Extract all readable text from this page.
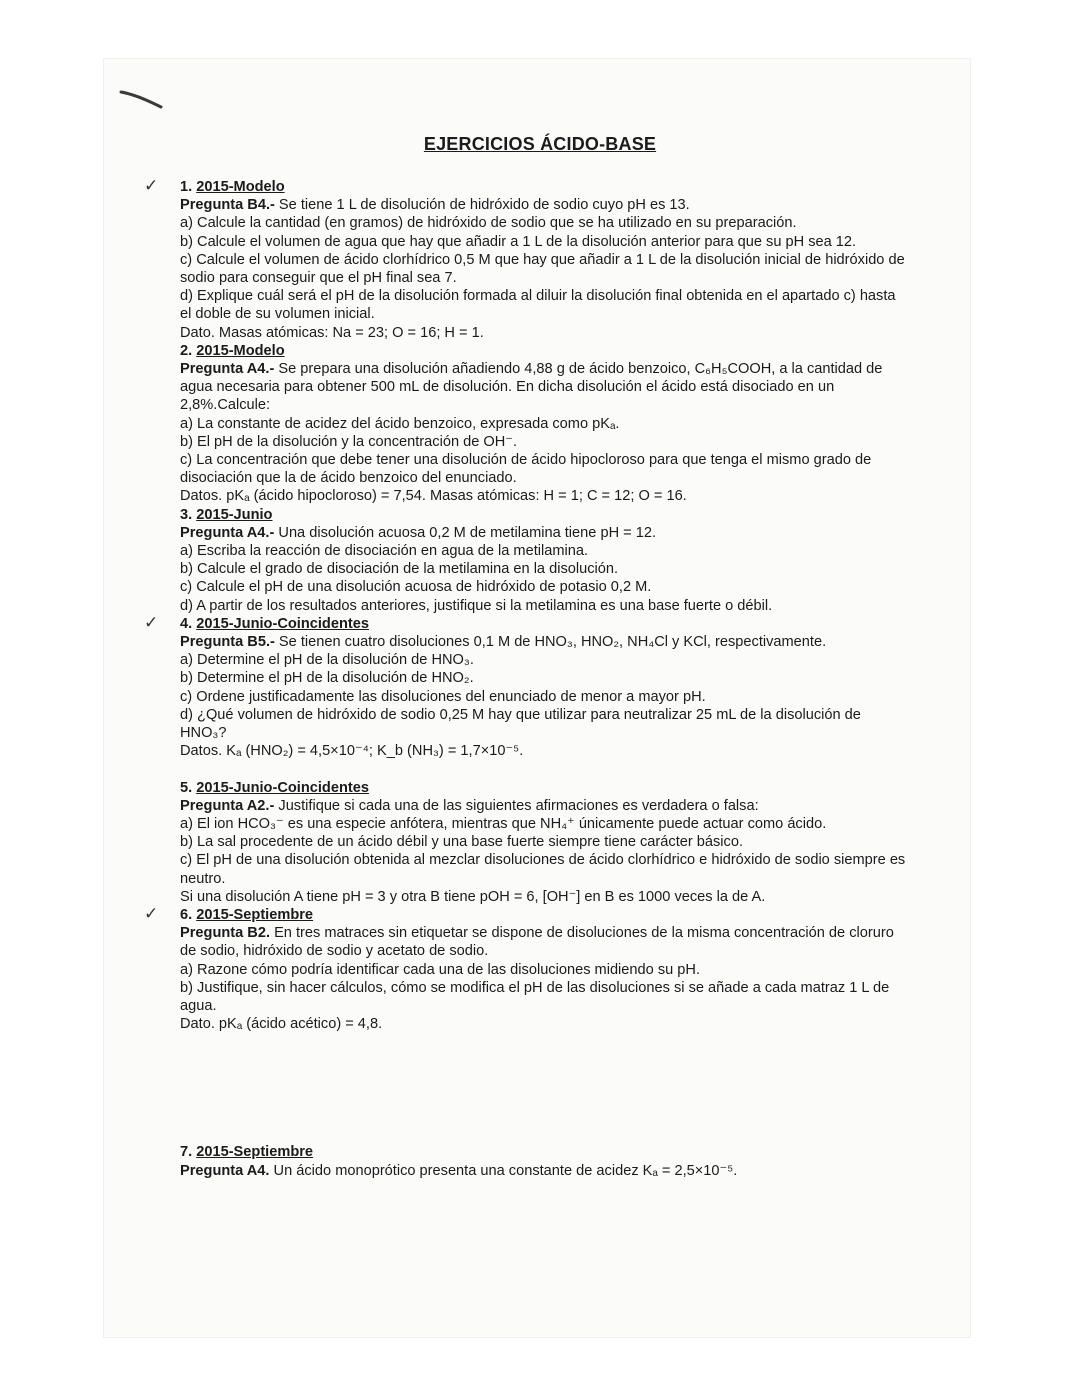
EJERCICIOS ÁCIDO-BASE
✓ 1. 2015-Modelo

Pregunta B4.- Se tiene 1 L de disolución de hidróxido de sodio cuyo pH es 13.

a) Calcule la cantidad (en gramos) de hidróxido de sodio que se ha utilizado en su preparación.

b) Calcule el volumen de agua que hay que añadir a 1 L de la disolución anterior para que su pH sea 12.

c) Calcule el volumen de ácido clorhídrico 0,5 M que hay que añadir a 1 L de la disolución inicial de hidróxido de sodio para conseguir que el pH final sea 7.

d) Explique cuál será el pH de la disolución formada al diluir la disolución final obtenida en el apartado c) hasta el doble de su volumen inicial.

Dato. Masas atómicas: Na = 23; O = 16; H = 1.

2. 2015-Modelo

Pregunta A4.- Se prepara una disolución añadiendo 4,88 g de ácido benzoico, C₆H₅COOH, a la cantidad de agua necesaria para obtener 500 mL de disolución. En dicha disolución el ácido está disociado en un 2,8%.Calcule:

a) La constante de acidez del ácido benzoico, expresada como pKₐ.

b) El pH de la disolución y la concentración de OH⁻.

c) La concentración que debe tener una disolución de ácido hipocloroso para que tenga el mismo grado de disociación que la de ácido benzoico del enunciado.

Datos. pKₐ (ácido hipocloroso) = 7,54. Masas atómicas: H = 1; C = 12; O = 16.

3. 2015-Junio

Pregunta A4.- Una disolución acuosa 0,2 M de metilamina tiene pH = 12.

a) Escriba la reacción de disociación en agua de la metilamina.

b) Calcule el grado de disociación de la metilamina en la disolución.

c) Calcule el pH de una disolución acuosa de hidróxido de potasio 0,2 M.

d) A partir de los resultados anteriores, justifique si la metilamina es una base fuerte o débil.

✓ 4. 2015-Junio-Coincidentes

Pregunta B5.- Se tienen cuatro disoluciones 0,1 M de HNO₃, HNO₂, NH₄Cl y KCl, respectivamente.

a) Determine el pH de la disolución de HNO₃.

b) Determine el pH de la disolución de HNO₂.

c) Ordene justificadamente las disoluciones del enunciado de menor a mayor pH.

d) ¿Qué volumen de hidróxido de sodio 0,25 M hay que utilizar para neutralizar 25 mL de la disolución de HNO₃?

Datos. Kₐ (HNO₂) = 4,5×10⁻⁴; K_b (NH₃) = 1,7×10⁻⁵.

5. 2015-Junio-Coincidentes

Pregunta A2.- Justifique si cada una de las siguientes afirmaciones es verdadera o falsa:

a) El ion HCO₃⁻ es una especie anfótera, mientras que NH₄⁺ únicamente puede actuar como ácido.

b) La sal procedente de un ácido débil y una base fuerte siempre tiene carácter básico.

c) El pH de una disolución obtenida al mezclar disoluciones de ácido clorhídrico e hidróxido de sodio siempre es neutro.

Si una disolución A tiene pH = 3 y otra B tiene pOH = 6, [OH⁻] en B es 1000 veces la de A.

✓ 6. 2015-Septiembre

Pregunta B2. En tres matraces sin etiquetar se dispone de disoluciones de la misma concentración de cloruro de sodio, hidróxido de sodio y acetato de sodio.

a) Razone cómo podría identificar cada una de las disoluciones midiendo su pH.

b) Justifique, sin hacer cálculos, cómo se modifica el pH de las disoluciones si se añade a cada matraz 1 L de agua.

Dato. pKₐ (ácido acético) = 4,8.

7. 2015-Septiembre

Pregunta A4. Un ácido monoprótico presenta una constante de acidez Kₐ = 2,5×10⁻⁵.
